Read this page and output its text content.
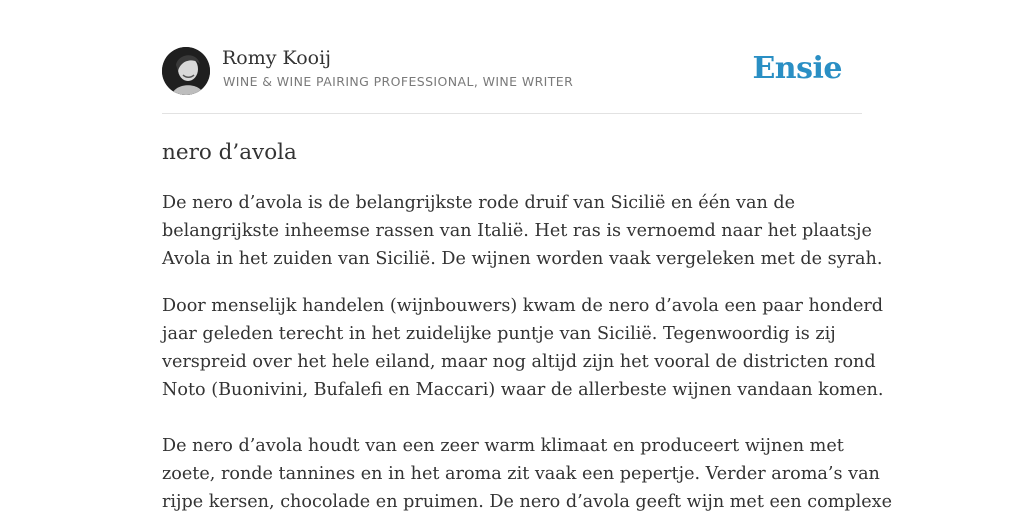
Romy Kooij
WINE & WINE PAIRING PROFESSIONAL, WINE WRITER	Ensie
nero d’avola

De nero d’avola is de belangrijkste rode druif van Sicilië en één van de
belangrijkste inheemse rassen van Italië. Het ras is vernoemd naar het plaatsje
Avola in het zuiden van Sicilië. De wijnen worden vaak vergeleken met de syrah.

Door menselijk handelen (wijnbouwers) kwam de nero d’avola een paar honderd
jaar geleden terecht in het zuidelijke puntje van Sicilië. Tegenwoordig is zij
verspreid over het hele eiland, maar nog altijd zijn het vooral de districten rond
Noto (Buonivini, Bufalefi en Maccari) waar de allerbeste wijnen vandaan komen.

De nero d’avola houdt van een zeer warm klimaat en produceert wijnen met
zoete, ronde tannines en in het aroma zit vaak een pepertje. Verder aroma’s van
rijpe kersen, chocolade en pruimen. De nero d’avola geeft wijn met een complexe
